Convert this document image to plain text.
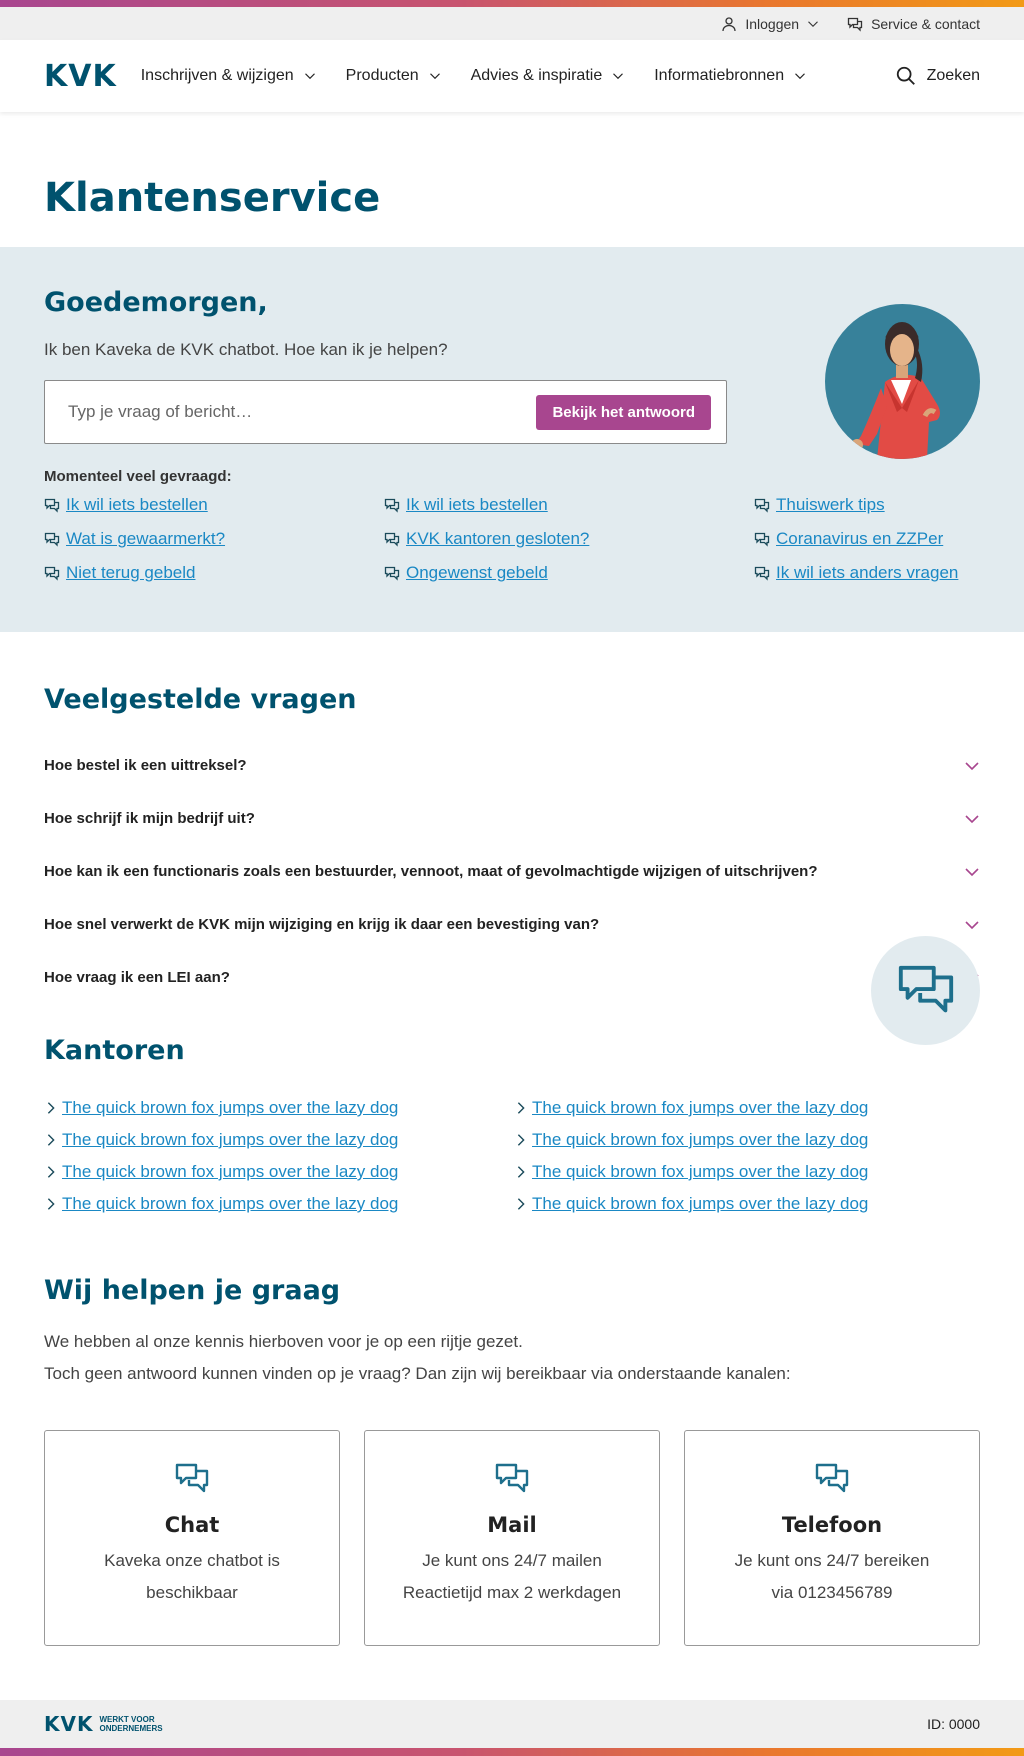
Inloggen	Service & contact
KVK Inschrijven & wijzigen	Producten	Advies & inspiratie	Informatiebronnen	Zoeken
Klantenservice
Goedemorgen,

Ik ben Kaveka de KVK chatbot. Hoe kan ik je helpen?

Typ je vraag of bericht…
Bekijk het antwoord

Momenteel veel gevraagd:

Ik wil iets bestellen	Ik wil iets bestellen	Thuiswerk tips
Wat is gewaarmerkt?	KVK kantoren gesloten?	Coranavirus en ZZPer
Niet terug gebeld	Ongewenst gebeld	Ik wil iets anders vragen
Veelgestelde vragen
Hoe bestel ik een uittreksel?
Hoe schrijf ik mijn bedrijf uit?
Hoe kan ik een functionaris zoals een bestuurder, vennoot, maat of gevolmachtigde wijzigen of uitschrijven?
Hoe snel verwerkt de KVK mijn wijziging en krijg ik daar een bevestiging van?
Hoe vraag ik een LEI aan?
Kantoren
The quick brown fox jumps over the lazy dog	The quick brown fox jumps over the lazy dog
The quick brown fox jumps over the lazy dog	The quick brown fox jumps over the lazy dog
The quick brown fox jumps over the lazy dog	The quick brown fox jumps over the lazy dog
The quick brown fox jumps over the lazy dog	The quick brown fox jumps over the lazy dog
Wij helpen je graag

We hebben al onze kennis hierboven voor je op een rijtje gezet.

Toch geen antwoord kunnen vinden op je vraag? Dan zijn wij bereikbaar via onderstaande kanalen:

Chat

Kaveka onze chatbot is
beschikbaar

Mail

Je kunt ons 24/7 mailen
Reactietijd max 2 werkdagen

Telefoon

Je kunt ons 24/7 bereiken
via 0123456789

KVK WERKT VOOR ONDERNEMERS	ID: 0000
